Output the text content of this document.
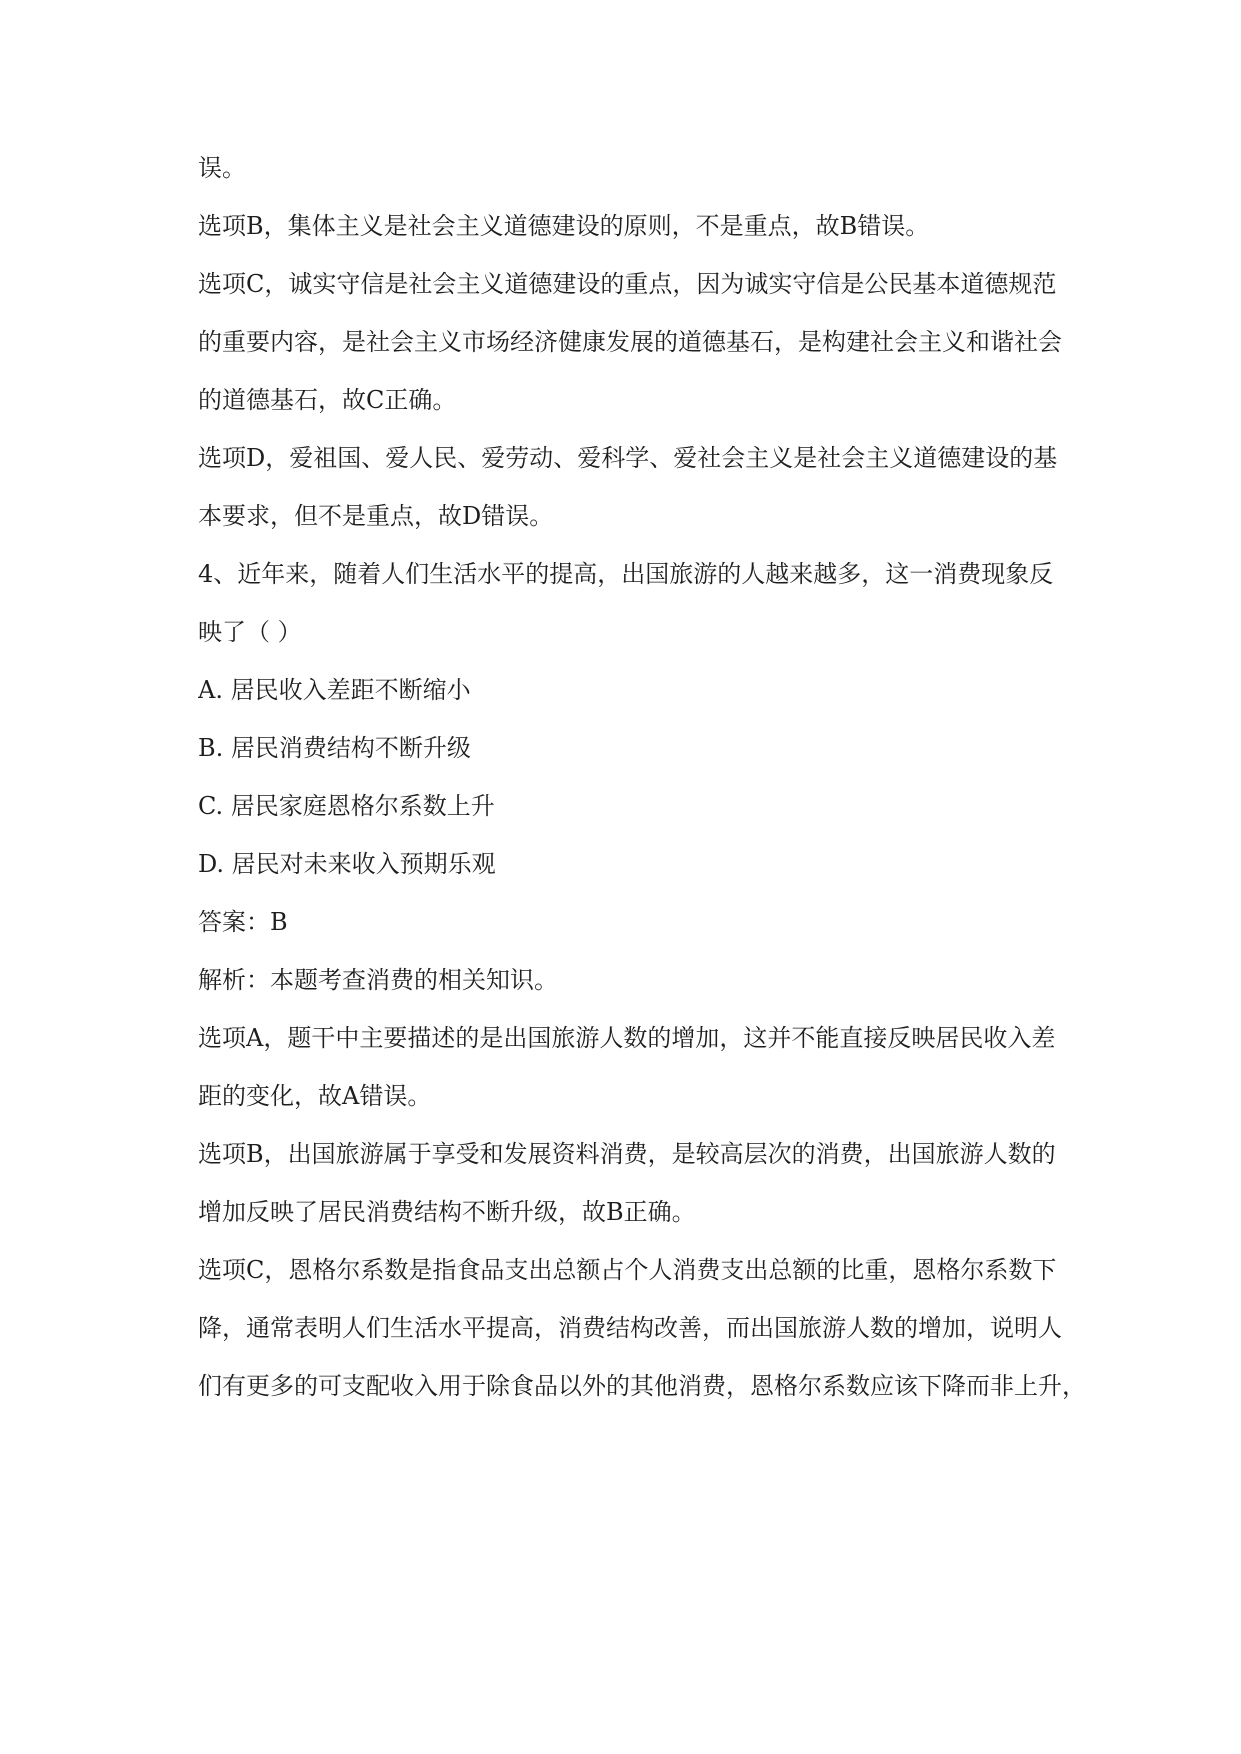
误。
选项B，集体主义是社会主义道德建设的原则，不是重点，故B错误。
选项C，诚实守信是社会主义道德建设的重点，因为诚实守信是公民基本道德规范
的重要内容，是社会主义市场经济健康发展的道德基石，是构建社会主义和谐社会
的道德基石，故C正确。
选项D，爱祖国、爱人民、爱劳动、爱科学、爱社会主义是社会主义道德建设的基
本要求，但不是重点，故D错误。
4、近年来，随着人们生活水平的提高，出国旅游的人越来越多，这一消费现象反
映了（ ）
A. 居民收入差距不断缩小
B. 居民消费结构不断升级
C. 居民家庭恩格尔系数上升
D. 居民对未来收入预期乐观
答案：B
解析：本题考查消费的相关知识。
选项A，题干中主要描述的是出国旅游人数的增加，这并不能直接反映居民收入差
距的变化，故A错误。
选项B，出国旅游属于享受和发展资料消费，是较高层次的消费，出国旅游人数的
增加反映了居民消费结构不断升级，故B正确。
选项C，恩格尔系数是指食品支出总额占个人消费支出总额的比重，恩格尔系数下
降，通常表明人们生活水平提高，消费结构改善，而出国旅游人数的增加，说明人
们有更多的可支配收入用于除食品以外的其他消费，恩格尔系数应该下降而非上升，
